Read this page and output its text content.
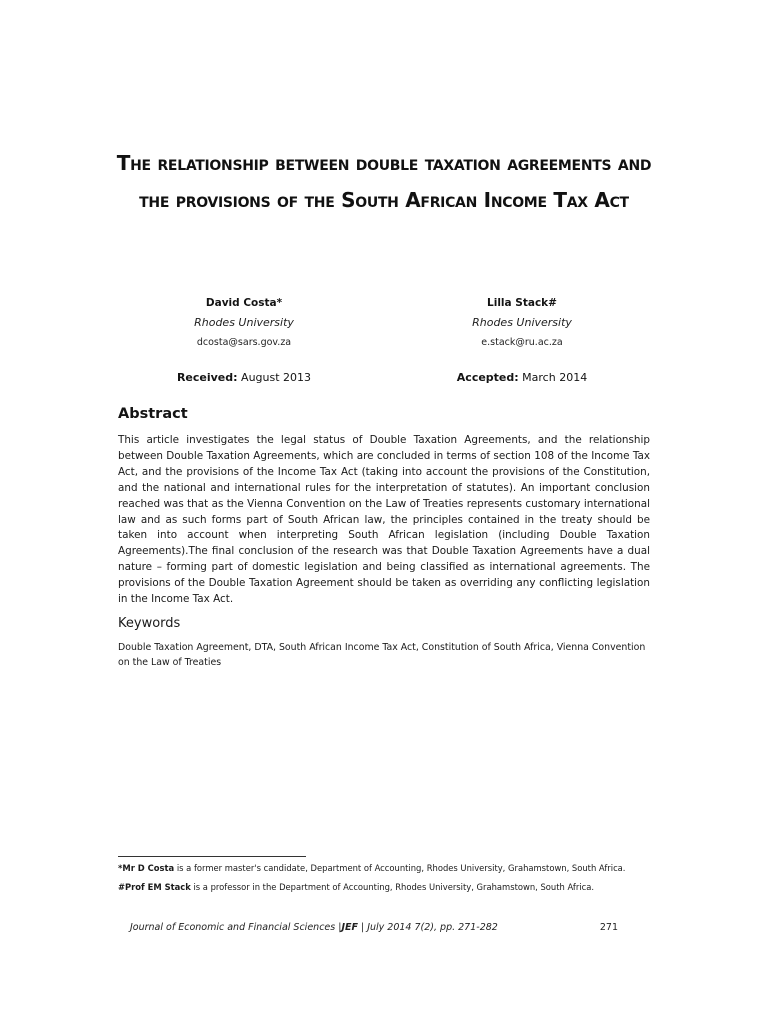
The relationship between double taxation agreements and the provisions of the South African Income Tax Act
David Costa*
Rhodes University
dcosta@sars.gov.za
Lilla Stack#
Rhodes University
e.stack@ru.ac.za
Received: August 2013	Accepted: March 2014
Abstract
This article investigates the legal status of Double Taxation Agreements, and the relationship between Double Taxation Agreements, which are concluded in terms of section 108 of the Income Tax Act, and the provisions of the Income Tax Act (taking into account the provisions of the Constitution, and the national and international rules for the interpretation of statutes). An important conclusion reached was that as the Vienna Convention on the Law of Treaties represents customary international law and as such forms part of South African law, the principles contained in the treaty should be taken into account when interpreting South African legislation (including Double Taxation Agreements).The final conclusion of the research was that Double Taxation Agreements have a dual nature – forming part of domestic legislation and being classified as international agreements. The provisions of the Double Taxation Agreement should be taken as overriding any conflicting legislation in the Income Tax Act.
Keywords
Double Taxation Agreement, DTA, South African Income Tax Act, Constitution of South Africa, Vienna Convention on the Law of Treaties
*Mr D Costa is a former master's candidate, Department of Accounting, Rhodes University, Grahamstown, South Africa.
#Prof EM Stack is a professor in the Department of Accounting, Rhodes University, Grahamstown, South Africa.
Journal of Economic and Financial Sciences |JEF | July 2014 7(2), pp. 271-282	271
